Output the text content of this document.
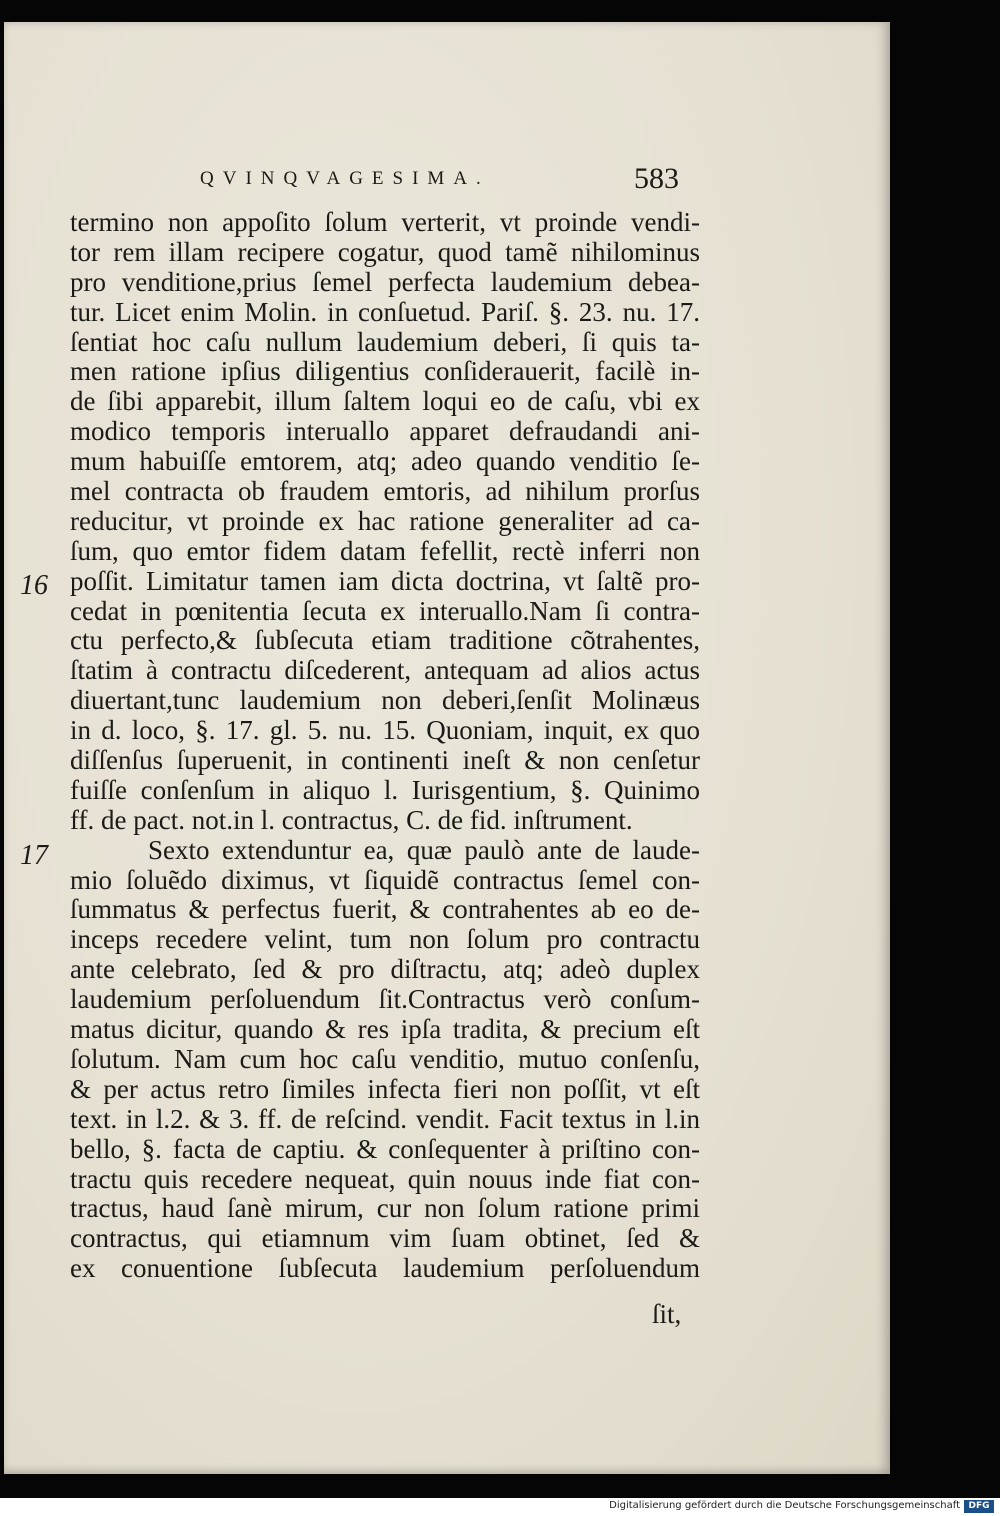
QVINQVAGESIMA.	583
termino non appoſito ſolum verterit, vt proinde vendi-
tor rem illam recipere cogatur, quod tamẽ nihilominus
pro venditione,prius ſemel perfecta laudemium debea-
tur. Licet enim Molin. in conſuetud. Pariſ. §. 23. nu. 17.
ſentiat hoc caſu nullum laudemium deberi, ſi quis ta-
men ratione ipſius diligentius conſiderauerit, facilè in-
de ſibi apparebit, illum ſaltem loqui eo de caſu, vbi ex
modico temporis interuallo apparet defraudandi ani-
mum habuiſſe emtorem, atq; adeo quando venditio ſe-
mel contracta ob fraudem emtoris, ad nihilum prorſus
reducitur, vt proinde ex hac ratione generaliter ad ca-
ſum, quo emtor fidem datam fefellit, rectè inferri non
poſſit. Limitatur tamen iam dicta doctrina, vt ſaltẽ pro-
cedat in pœnitentia ſecuta ex interuallo.Nam ſi contra-
ctu perfecto,& ſubſecuta etiam traditione cõtrahentes,
ſtatim à contractu diſcederent, antequam ad alios actus
diuertant,tunc laudemium non deberi,ſenſit Molinæus
in d. loco, §. 17. gl. 5. nu. 15. Quoniam, inquit, ex quo
diſſenſus ſuperuenit, in continenti ineſt & non cenſetur
fuiſſe conſenſum in aliquo l. Iurisgentium, §. Quinimo
ff. de pact. not.in l. contractus, C. de fid. inſtrument.
Sexto extenduntur ea, quæ paulò ante de laude-
mio ſoluẽdo diximus, vt ſiquidẽ contractus ſemel con-
ſummatus & perfectus fuerit, & contrahentes ab eo de-
inceps recedere velint, tum non ſolum pro contractu
ante celebrato, ſed & pro diſtractu, atq; adeò duplex
laudemium perſoluendum ſit.Contractus verò conſum-
matus dicitur, quando & res ipſa tradita, & precium eſt
ſolutum. Nam cum hoc caſu venditio, mutuo conſenſu,
& per actus retro ſimiles infecta fieri non poſſit, vt eſt
text. in l.2. & 3. ff. de reſcind. vendit. Facit textus in l.in
bello, §. facta de captiu. & conſequenter à priſtino con-
tractu quis recedere nequeat, quin nouus inde fiat con-
tractus, haud ſanè mirum, cur non ſolum ratione primi
contractus, qui etiamnum vim ſuam obtinet, ſed &
ex conuentione ſubſecuta laudemium perſoluendum
16
17
ſit,
Digitalisierung gefördert durch die Deutsche Forschungsgemeinschaft DFG
